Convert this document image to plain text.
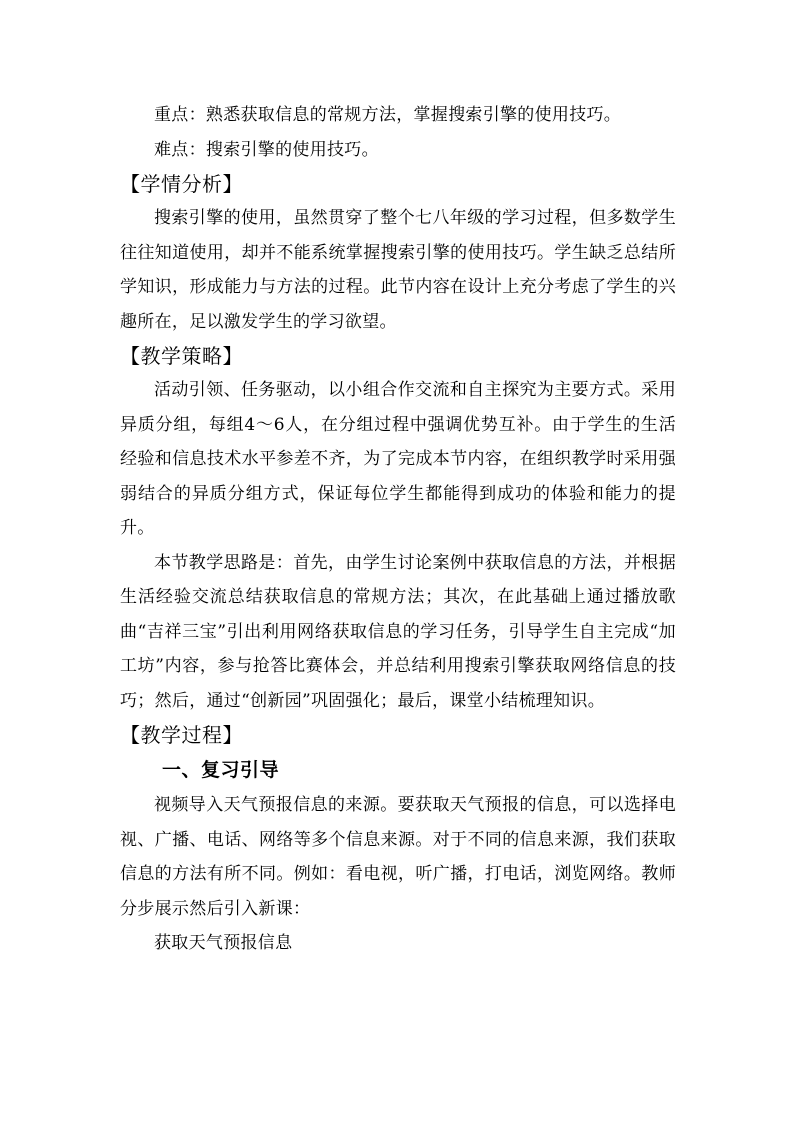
重点：熟悉获取信息的常规方法，掌握搜索引擎的使用技巧。

难点：搜索引擎的使用技巧。

【学情分析】

搜索引擎的使用，虽然贯穿了整个七八年级的学习过程，但多数学生往往知道使用，却并不能系统掌握搜索引擎的使用技巧。学生缺乏总结所学知识，形成能力与方法的过程。此节内容在设计上充分考虑了学生的兴趣所在，足以激发学生的学习欲望。

【教学策略】

活动引领、任务驱动，以小组合作交流和自主探究为主要方式。采用异质分组，每组4～6人，在分组过程中强调优势互补。由于学生的生活经验和信息技术水平参差不齐，为了完成本节内容，在组织教学时采用强弱结合的异质分组方式，保证每位学生都能得到成功的体验和能力的提升。

本节教学思路是：首先，由学生讨论案例中获取信息的方法，并根据生活经验交流总结获取信息的常规方法；其次，在此基础上通过播放歌曲“吉祥三宝”引出利用网络获取信息的学习任务，引导学生自主完成“加工坊”内容，参与抢答比赛体会，并总结利用搜索引擎获取网络信息的技巧；然后，通过“创新园”巩固强化；最后，课堂小结梳理知识。

【教学过程】
一、复习引导

视频导入天气预报信息的来源。要获取天气预报的信息，可以选择电视、广播、电话、网络等多个信息来源。对于不同的信息来源，我们获取信息的方法有所不同。例如：看电视，听广播，打电话，浏览网络。教师分步展示然后引入新课：

获取天气预报信息
